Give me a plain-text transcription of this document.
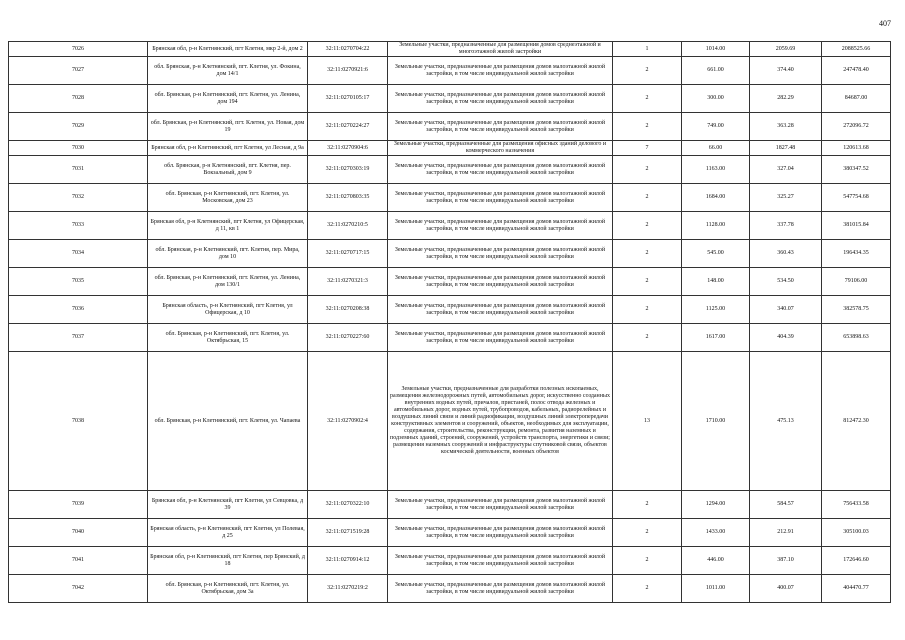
407
7026	Брянская обл, р-н Клетнянский, пгт Клетня, мкр 2-й, дом 2	32:11:0270704:22	Земельные участки, предназначенные для размещения домов среднеэтажной и многоэтажной жилой застройки	1	1014.00	2059.69	2088525.66
7027	обл. Брянская, р-н Клетнянский, пгт. Клетня, ул. Фокина, дом 14/1	32:11:0270921:6	Земельные участки, предназначенные для размещения домов малоэтажной жилой застройки, в том числе индивидуальной жилой застройки	2	661.00	374.40	247478.40
7028	обл. Брянская, р-н Клетнянский, пгт. Клетня, ул. Ленина, дом 194	32:11:0270105:17	Земельные участки, предназначенные для размещения домов малоэтажной жилой застройки, в том числе индивидуальной жилой застройки	2	300.00	282.29	84687.00
7029	обл. Брянская, р-н Клетнянский, пгт. Клетня, ул. Новая, дом 19	32:11:0270224:27	Земельные участки, предназначенные для размещения домов малоэтажной жилой застройки, в том числе индивидуальной жилой застройки	2	749.00	363.28	272096.72
7030	Брянская обл, р-н Клетнянский, пгт Клетня, ул Лесная, д 9а	32:11:0270904:6	Земельные участки, предназначенные для размещения офисных зданий делового и коммерческого назначения	7	66.00	1827.48	120613.68
7031	обл. Брянская, р-н Клетнянский, пгт. Клетня, пер. Вокзальный, дом 9	32:11:0270303:19	Земельные участки, предназначенные для размещения домов малоэтажной жилой застройки, в том числе индивидуальной жилой застройки	2	1163.00	327.04	380347.52
7032	обл. Брянская, р-н Клетнянский, пгт. Клетня, ул. Московская, дом 23	32:11:0270803:35	Земельные участки, предназначенные для размещения домов малоэтажной жилой застройки, в том числе индивидуальной жилой застройки	2	1684.00	325.27	547754.68
7033	Брянская обл, р-н Клетнянский, пгт Клетня, ул Офицерская, д 11, кв 1	32:11:0270210:5	Земельные участки, предназначенные для размещения домов малоэтажной жилой застройки, в том числе индивидуальной жилой застройки	2	1128.00	337.78	381015.84
7034	обл. Брянская, р-н Клетнянский, пгт. Клетня, пер. Мира, дом 10	32:11:0270717:15	Земельные участки, предназначенные для размещения домов малоэтажной жилой застройки, в том числе индивидуальной жилой застройки	2	545.00	360.43	196434.35
7035	обл. Брянская, р-н Клетнянский, пгт. Клетня, ул. Ленина, дом 130/1	32:11:0270321:3	Земельные участки, предназначенные для размещения домов малоэтажной жилой застройки, в том числе индивидуальной жилой застройки	2	148.00	534.50	79106.00
7036	Брянская область, р-н Клетнянский, пгт Клетня, ул Офицерская, д 10	32:11:0270208:38	Земельные участки, предназначенные для размещения домов малоэтажной жилой застройки, в том числе индивидуальной жилой застройки	2	1125.00	340.07	382578.75
7037	обл. Брянская, р-н Клетнянский, пгт. Клетня, ул. Октябрьская, 15	32:11:0270227:60	Земельные участки, предназначенные для размещения домов малоэтажной жилой застройки, в том числе индивидуальной жилой застройки	2	1617.00	404.39	653898.63
7038	обл. Брянская, р-н Клетнянский, пгт. Клетня, ул. Чапаева	32:11:0270902:4	Земельные участки, предназначенные для разработки полезных ископаемых, размещения железнодорожных путей, автомобильных дорог, искусственно созданных внутренних водных путей, причалов, пристаней, полос отвода железных и автомобильных дорог, водных путей, трубопроводов, кабельных, радиорелейных и воздушных линий связи и линий радиофикации, воздушных линий электропередачи конструктивных элементов и сооружений, объектов, необходимых для эксплуатации, содержания, строительства, реконструкции, ремонта, развития наземных и подземных зданий, строений, сооружений, устройств транспорта, энергетики и связи; размещения наземных сооружений и инфраструктуры спутниковой связи, объектов космической деятельности, военных объектов	13	1710.00	475.13	812472.30
7039	Брянская обл, р-н Клетнянский, пгт Клетня, ул Севцовка, д 39	32:11:0270322:10	Земельные участки, предназначенные для размещения домов малоэтажной жилой застройки, в том числе индивидуальной жилой застройки	2	1294.00	584.57	756433.58
7040	Брянская область, р-н Клетнянский, пгт Клетня, ул Полевая, д 25	32:11:0271519:28	Земельные участки, предназначенные для размещения домов малоэтажной жилой застройки, в том числе индивидуальной жилой застройки	2	1433.00	212.91	305100.03
7041	Брянская обл, р-н Клетнянский, пгт Клетня, пер Брянский, д 18	32:11:0270914:12	Земельные участки, предназначенные для размещения домов малоэтажной жилой застройки, в том числе индивидуальной жилой застройки	2	446.00	387.10	172646.60
7042	обл. Брянская, р-н Клетнянский, пгт. Клетня, ул. Октябрьская, дом 3а	32:11:0270219:2	Земельные участки, предназначенные для размещения домов малоэтажной жилой застройки, в том числе индивидуальной жилой застройки	2	1011.00	400.07	404470.77
